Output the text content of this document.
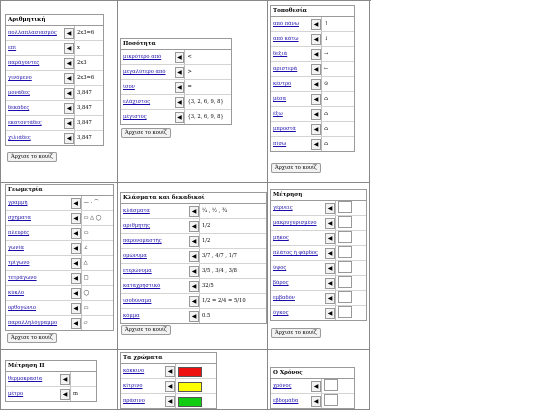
Αριθμητική
πολλαπλασιασμός	◀	2x3=6
επί	◀	x
παράγοντες	◀	2x3
γινόμενο	◀	2x3=6
μονάδες	◀	3,847
δεκάδες	◀	3,847
εκατοντάδες	◀	3,847
χιλιάδες	◀	3,847
Άρχισε το κουίζ
Ποσότητα
μικρότερο από	◀	<
μεγαλύτερο από	◀	>
ίσον	◀	=
ελάχιστος	◀	{3, 2, 6, 9, 8}
μέγιστος	◀	{3, 2, 6, 9, 8}
Άρχισε το κουίζ
Τοποθεσία
από πάνω	◀	↑
από κάτω	◀	↓
δεξιά	◀	→
αριστερά	◀	←
κέντρο	◀	⊙
μέσα	◀	⌂
έξω	◀	⌂
μπροστά	◀	⌂
πίσω	◀	⌂
Άρχισε το κουίζ
Γεωμετρία
γραμμή	◀	— · ⌒
σχήματα	◀	▭ △ ◯
πλευρές	◀	▭
γωνία	◀	∠
τρίγωνο	◀	△
τετράγωνο	◀	□
κύκλο	◀	◯
ορθογώνιο	◀	▭
παραλληλόγραμμο	◀	▱
Άρχισε το κουίζ
Κλάσματα και δεκαδικοί
κλάσματα	◀	¼ , ½ , ¾
αριθμητής	◀	1/2
παρονομαστής	◀	1/2
ομώνυμα	◀	3/7 , 4/7 , 1/7
ετερώνυμα	◀	3/5 , 3/4 , 3/8
καταχρηστικό	◀	32/5
ισοδύναμα	◀	1/2 = 2/4 = 5/10
κόμμα	◀	0.5
Άρχισε το κουίζ
Μέτρηση
γέρνεις	◀
μακρυγυρισμένο	◀
μήκος	◀
πλάτος ή φάρδος	◀
ύψος	◀
βάρος	◀
εμβαδόν	◀
όγκος	◀
Άρχισε το κουίζ
Μέτρηση ΙΙ
θερμοκρασία	◀
μέτρο	◀	m
Τα χρώματα
κόκκινο	◀
κίτρινο	◀
πράσινο	◀
Ο Χρόνος
χρόνος	◀
εβδομάδα	◀
